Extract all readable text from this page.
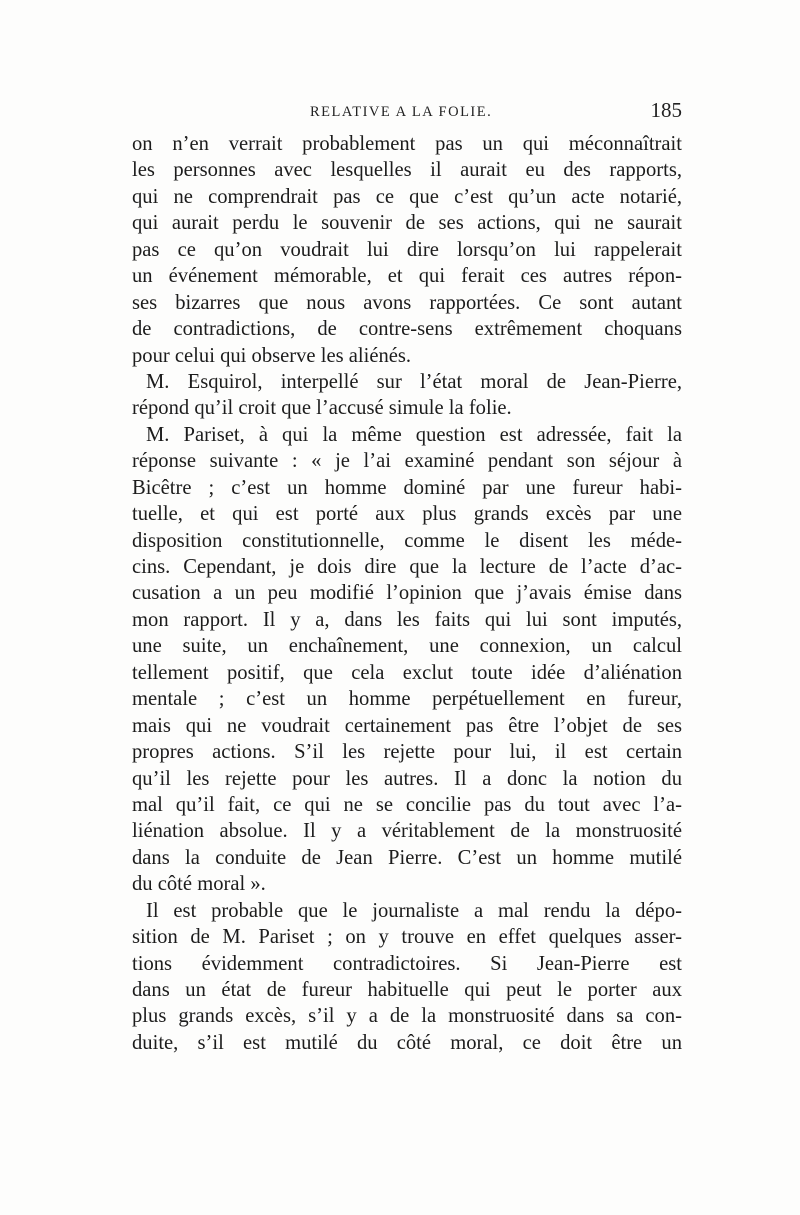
RELATIVE A LA FOLIE.	185
on n’en verrait probablement pas un qui méconnaîtrait
les personnes avec lesquelles il aurait eu des rapports,
qui ne comprendrait pas ce que c’est qu’un acte notarié,
qui aurait perdu le souvenir de ses actions, qui ne saurait
pas ce qu’on voudrait lui dire lorsqu’on lui rappelerait
un événement mémorable, et qui ferait ces autres répon-
ses bizarres que nous avons rapportées. Ce sont autant
de contradictions, de contre-sens extrêmement choquans
pour celui qui observe les aliénés.
M. Esquirol, interpellé sur l’état moral de Jean-Pierre,
répond qu’il croit que l’accusé simule la folie.
M. Pariset, à qui la même question est adressée, fait la
réponse suivante : « je l’ai examiné pendant son séjour à
Bicêtre ; c’est un homme dominé par une fureur habi-
tuelle, et qui est porté aux plus grands excès par une
disposition constitutionnelle, comme le disent les méde-
cins. Cependant, je dois dire que la lecture de l’acte d’ac-
cusation a un peu modifié l’opinion que j’avais émise dans
mon rapport. Il y a, dans les faits qui lui sont imputés,
une suite, un enchaînement, une connexion, un calcul
tellement positif, que cela exclut toute idée d’aliénation
mentale ; c’est un homme perpétuellement en fureur,
mais qui ne voudrait certainement pas être l’objet de ses
propres actions. S’il les rejette pour lui, il est certain
qu’il les rejette pour les autres. Il a donc la notion du
mal qu’il fait, ce qui ne se concilie pas du tout avec l’a-
liénation absolue. Il y a véritablement de la monstruosité
dans la conduite de Jean Pierre. C’est un homme mutilé
du côté moral ».
Il est probable que le journaliste a mal rendu la dépo-
sition de M. Pariset ; on y trouve en effet quelques asser-
tions évidemment contradictoires. Si Jean-Pierre est
dans un état de fureur habituelle qui peut le porter aux
plus grands excès, s’il y a de la monstruosité dans sa con-
duite, s’il est mutilé du côté moral, ce doit être un
